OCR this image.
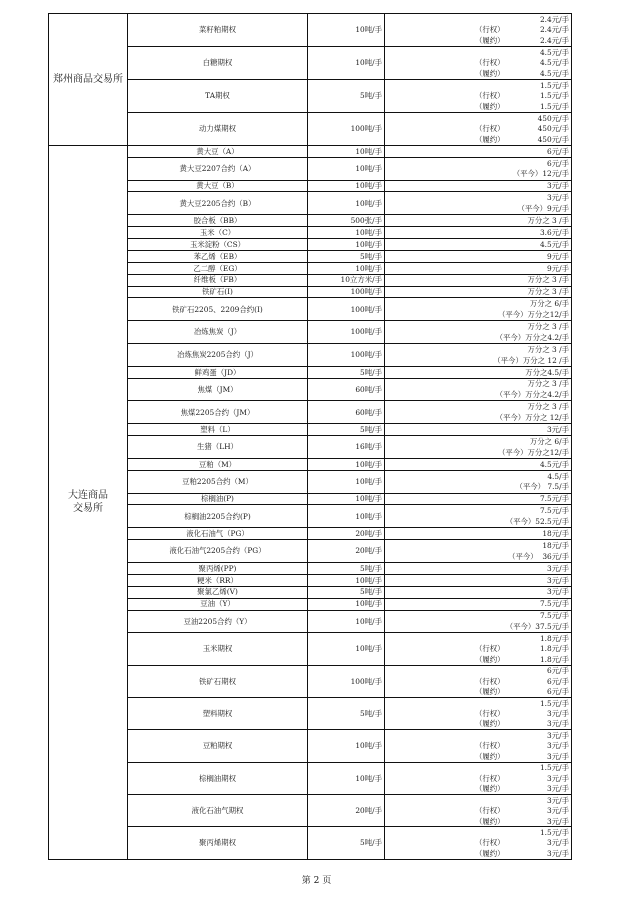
郑州商品交易所	菜籽粕期权	10吨/手	2.4元/手
（行权） 2.4元/手
（履约） 2.4元/手

	白糖期权	10吨/手	4.5元/手
（行权） 4.5元/手
（履约） 4.5元/手

	TA期权	5吨/手	1.5元/手
（行权） 1.5元/手
（履约） 1.5元/手

	动力煤期权	100吨/手	450元/手
（行权） 450元/手
（履约） 450元/手

大连商品
交易所	黄大豆（A）	10吨/手	6元/手

	黄大豆2207合约（A）	10吨/手	6元/手
（平今） 12元/手

	黄大豆（B）	10吨/手	3元/手

	黄大豆2205合约（B）	10吨/手	3元/手
（平今） 9元/手

	胶合板（BB）	500张/手	万分之 3 /手

	玉米（C）	10吨/手	3.6元/手

	玉米淀粉（CS）	10吨/手	4.5元/手

	苯乙烯（EB）	5吨/手	9元/手

	乙二醇（EG）	10吨/手	9元/手

	纤维板（FB）	10立方米/手	万分之 3 /手

	铁矿石(I)	100吨/手	万分之 3 /手

	铁矿石2205、2209合约(I)	100吨/手	万分之 6/手
（平今） 万分之12/手

	冶炼焦炭（J）	100吨/手	万分之 3 /手
（平今） 万分之4.2/手

	冶炼焦炭2205合约（J）	100吨/手	万分之 3 /手
（平今） 万分之 12 /手

	鲜鸡蛋（JD）	5吨/手	万分之4.5/手

	焦煤（JM）	60吨/手	万分之 3 /手
（平今） 万分之4.2/手

	焦煤2205合约（JM）	60吨/手	万分之 3 /手
（平今） 万分之 12/手

	塑料（L）	5吨/手	3元/手

	生猪（LH）	16吨/手	万分之 6/手
（平今） 万分之12/手

	豆粕（M）	10吨/手	4.5元/手

	豆粕2205合约（M）	10吨/手	4.5/手
（平今） 7.5/手

	棕榈油(P)	10吨/手	7.5元/手

	棕榈油2205合约(P)	10吨/手	7.5元/手
（平今） 52.5元/手

	液化石油气（PG）	20吨/手	18元/手

	液化石油气2205合约（PG）	20吨/手	18元/手
（平今） 36元/手

	聚丙烯(PP)	5吨/手	3元/手

	粳米（RR）	10吨/手	3元/手

	聚氯乙烯(V)	5吨/手	3元/手

	豆油（Y）	10吨/手	7.5元/手

	豆油2205合约（Y）	10吨/手	7.5元/手
（平今） 37.5元/手

	玉米期权	10吨/手	1.8元/手
（行权） 1.8元/手
（履约） 1.8元/手

	铁矿石期权	100吨/手	6元/手
（行权） 6元/手
（履约） 6元/手

	塑料期权	5吨/手	1.5元/手
（行权） 3元/手
（履约） 3元/手

	豆粕期权	10吨/手	3元/手
（行权） 3元/手
（履约） 3元/手

	棕榈油期权	10吨/手	1.5元/手
（行权） 3元/手
（履约） 3元/手

	液化石油气期权	20吨/手	3元/手
（行权） 3元/手
（履约） 3元/手

	聚丙烯期权	5吨/手	1.5元/手
（行权） 3元/手
（履约） 3元/手
第 2 页
